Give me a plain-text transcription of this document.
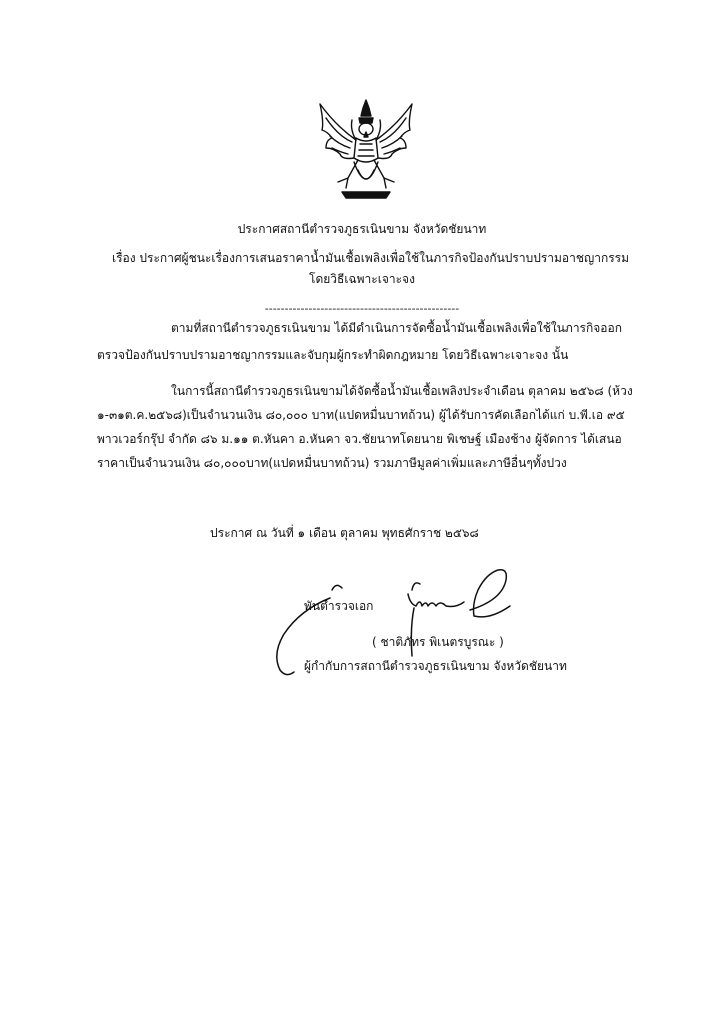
ประกาศสถานีตำรวจภูธรเนินขาม จังหวัดชัยนาท
เรื่อง ประกาศผู้ชนะเรื่องการเสนอราคาน้ำมันเชื้อเพลิงเพื่อใช้ในภารกิจป้องกันปราบปรามอาชญากรรม
โดยวิธีเฉพาะเจาะจง
-------------------------------------------------
ตามที่สถานีตำรวจภูธรเนินขาม ได้มีดำเนินการจัดซื้อน้ำมันเชื้อเพลิงเพื่อใช้ในภารกิจออก
ตรวจป้องกันปราบปรามอาชญากรรมและจับกุมผู้กระทำผิดกฎหมาย โดยวิธีเฉพาะเจาะจง นั้น
ในการนี้สถานีตำรวจภูธรเนินขามได้จัดซื้อน้ำมันเชื้อเพลิงประจำเดือน ตุลาคม ๒๕๖๘ (ห้วง
๑-๓๑ต.ค.๒๕๖๘)เป็นจำนวนเงิน ๘๐,๐๐๐ บาท(แปดหมื่นบาทถ้วน) ผู้ได้รับการคัดเลือกได้แก่ บ.พี.เอ ๙๕
พาวเวอร์กรุ๊ป จำกัด ๘๖ ม.๑๑ ต.หันคา อ.หันคา จว.ชัยนาทโดยนาย พิเชษฐ์ เมืองช้าง ผู้จัดการ ได้เสนอ
ราคาเป็นจำนวนเงิน ๘๐,๐๐๐บาท(แปดหมื่นบาทถ้วน) รวมภาษีมูลค่าเพิ่มและภาษีอื่นๆทั้งปวง
ประกาศ ณ วันที่ ๑ เดือน ตุลาคม พุทธศักราช ๒๕๖๘
พันตำรวจเอก
( ชาติภัทร พิเนตรบูรณะ )
ผู้กำกับการสถานีตำรวจภูธรเนินขาม จังหวัดชัยนาท
